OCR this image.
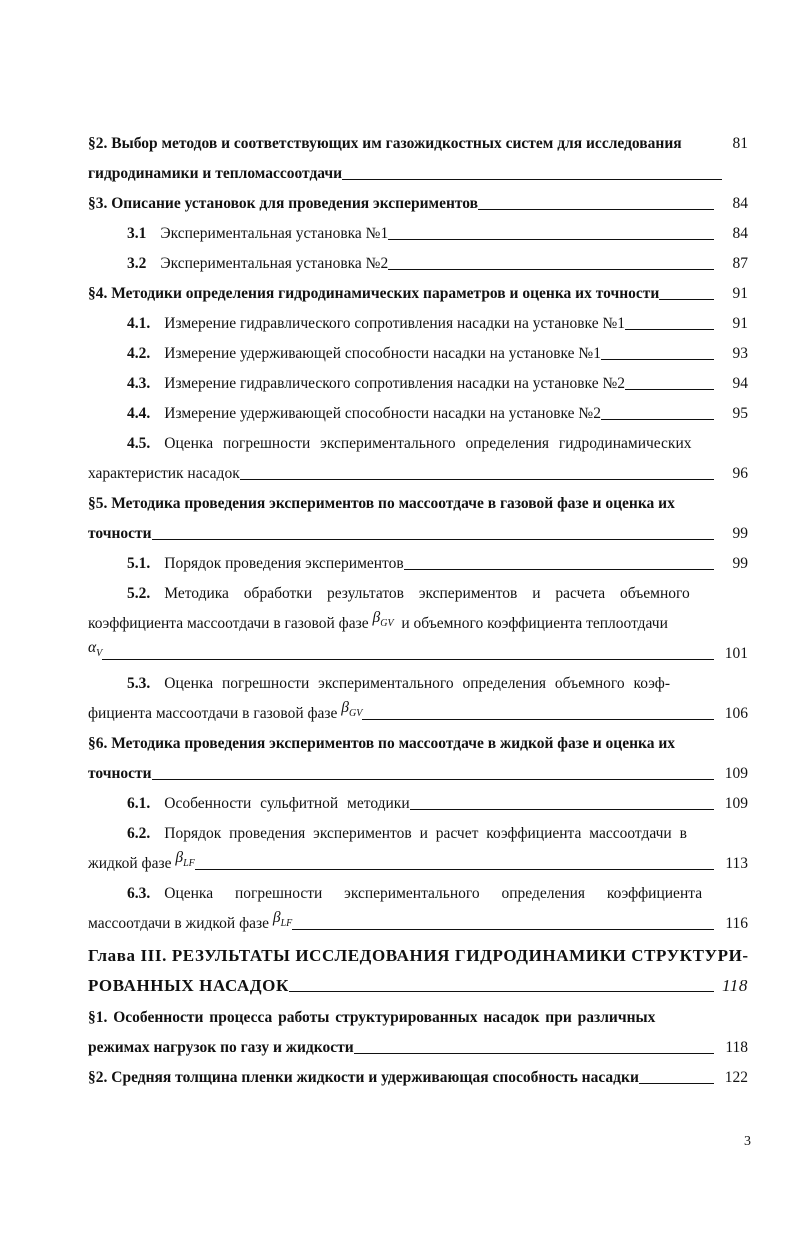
§2. Выбор методов и соответствующих им газожидкостных систем для исследования	81
гидродинамики и тепломассоотдачи
§3. Описание установок для проведения экспериментов	84
3.1 Экспериментальная установка №1	84
3.2 Экспериментальная установка №2	87
§4. Методики определения гидродинамических параметров и оценка их точности	91
4.1. Измерение гидравлического сопротивления насадки на установке №1	91
4.2. Измерение удерживающей способности насадки на установке №1	93
4.3. Измерение гидравлического сопротивления насадки на установке №2	94
4.4. Измерение удерживающей способности насадки на установке №2	95
4.5. Оценка погрешности экспериментального определения гидродинамических
характеристик насадок	96
§5. Методика проведения экспериментов по массоотдаче в газовой фазе и оценка их
точности	99
5.1. Порядок проведения экспериментов	99
5.2. Методика обработки результатов экспериментов и расчета объемного
коэффициента массоотдачи в газовой фазе
$\beta_{GV}$
и объемного коэффициента теплоотдачи
$\alpha_V$	101
5.3. Оценка погрешности экспериментального определения объемного коэф-
фициента массоотдачи в газовой фазе
$\beta_{GV}$	106
§6. Методика проведения экспериментов по массоотдаче в жидкой фазе и оценка их
точности	109
6.1. Особенности сульфитной методики	109
6.2. Порядок проведения экспериментов и расчет коэффициента массоотдачи в
жидкой фазе
$\beta_{LF}$	113
6.3. Оценка погрешности экспериментального определения коэффициента
массоотдачи в жидкой фазе
$\beta_{LF}$	116
Глава III. РЕЗУЛЬТАТЫ ИССЛЕДОВАНИЯ ГИДРОДИНАМИКИ СТРУКТУРИ-
РОВАННЫХ НАСАДОК	118
§1. Особенности процесса работы структурированных насадок при различных
режимах нагрузок по газу и жидкости	118
§2. Средняя толщина пленки жидкости и удерживающая способность насадки	122
3
